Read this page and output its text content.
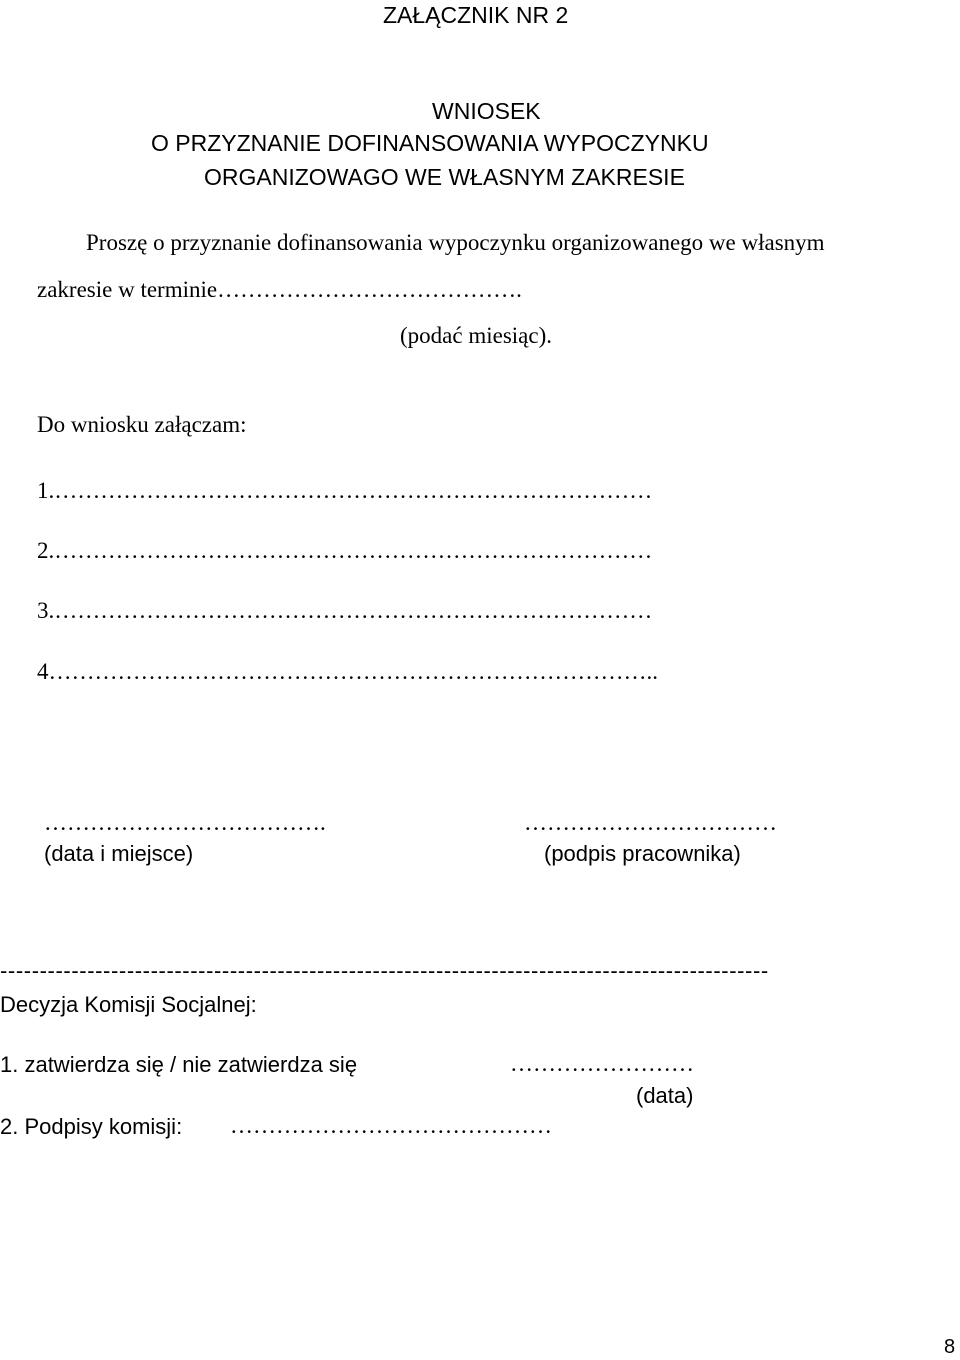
ZAŁĄCZNIK NR 2
WNIOSEK
O PRZYZNANIE DOFINANSOWANIA WYPOCZYNKU
ORGANIZOWAGO WE WŁASNYM ZAKRESIE
Proszę o przyznanie dofinansowania wypoczynku organizowanego we własnym
zakresie w terminie………………………………….
(podać miesiąc).
Do wniosku załączam:
1.……………………………………………………………………
2.……………………………………………………………………
3.……………………………………………………………………
4……………………………………………………………………..
……………………………….
(data i miejsce)
……………………………
(podpis pracownika)
-------------------------------------------------------------------------------------------------
Decyzja Komisji Socjalnej:
1. zatwierdza się / nie zatwierdza się	……………………
(data)
2. Podpisy komisji: ……………………………………
8
